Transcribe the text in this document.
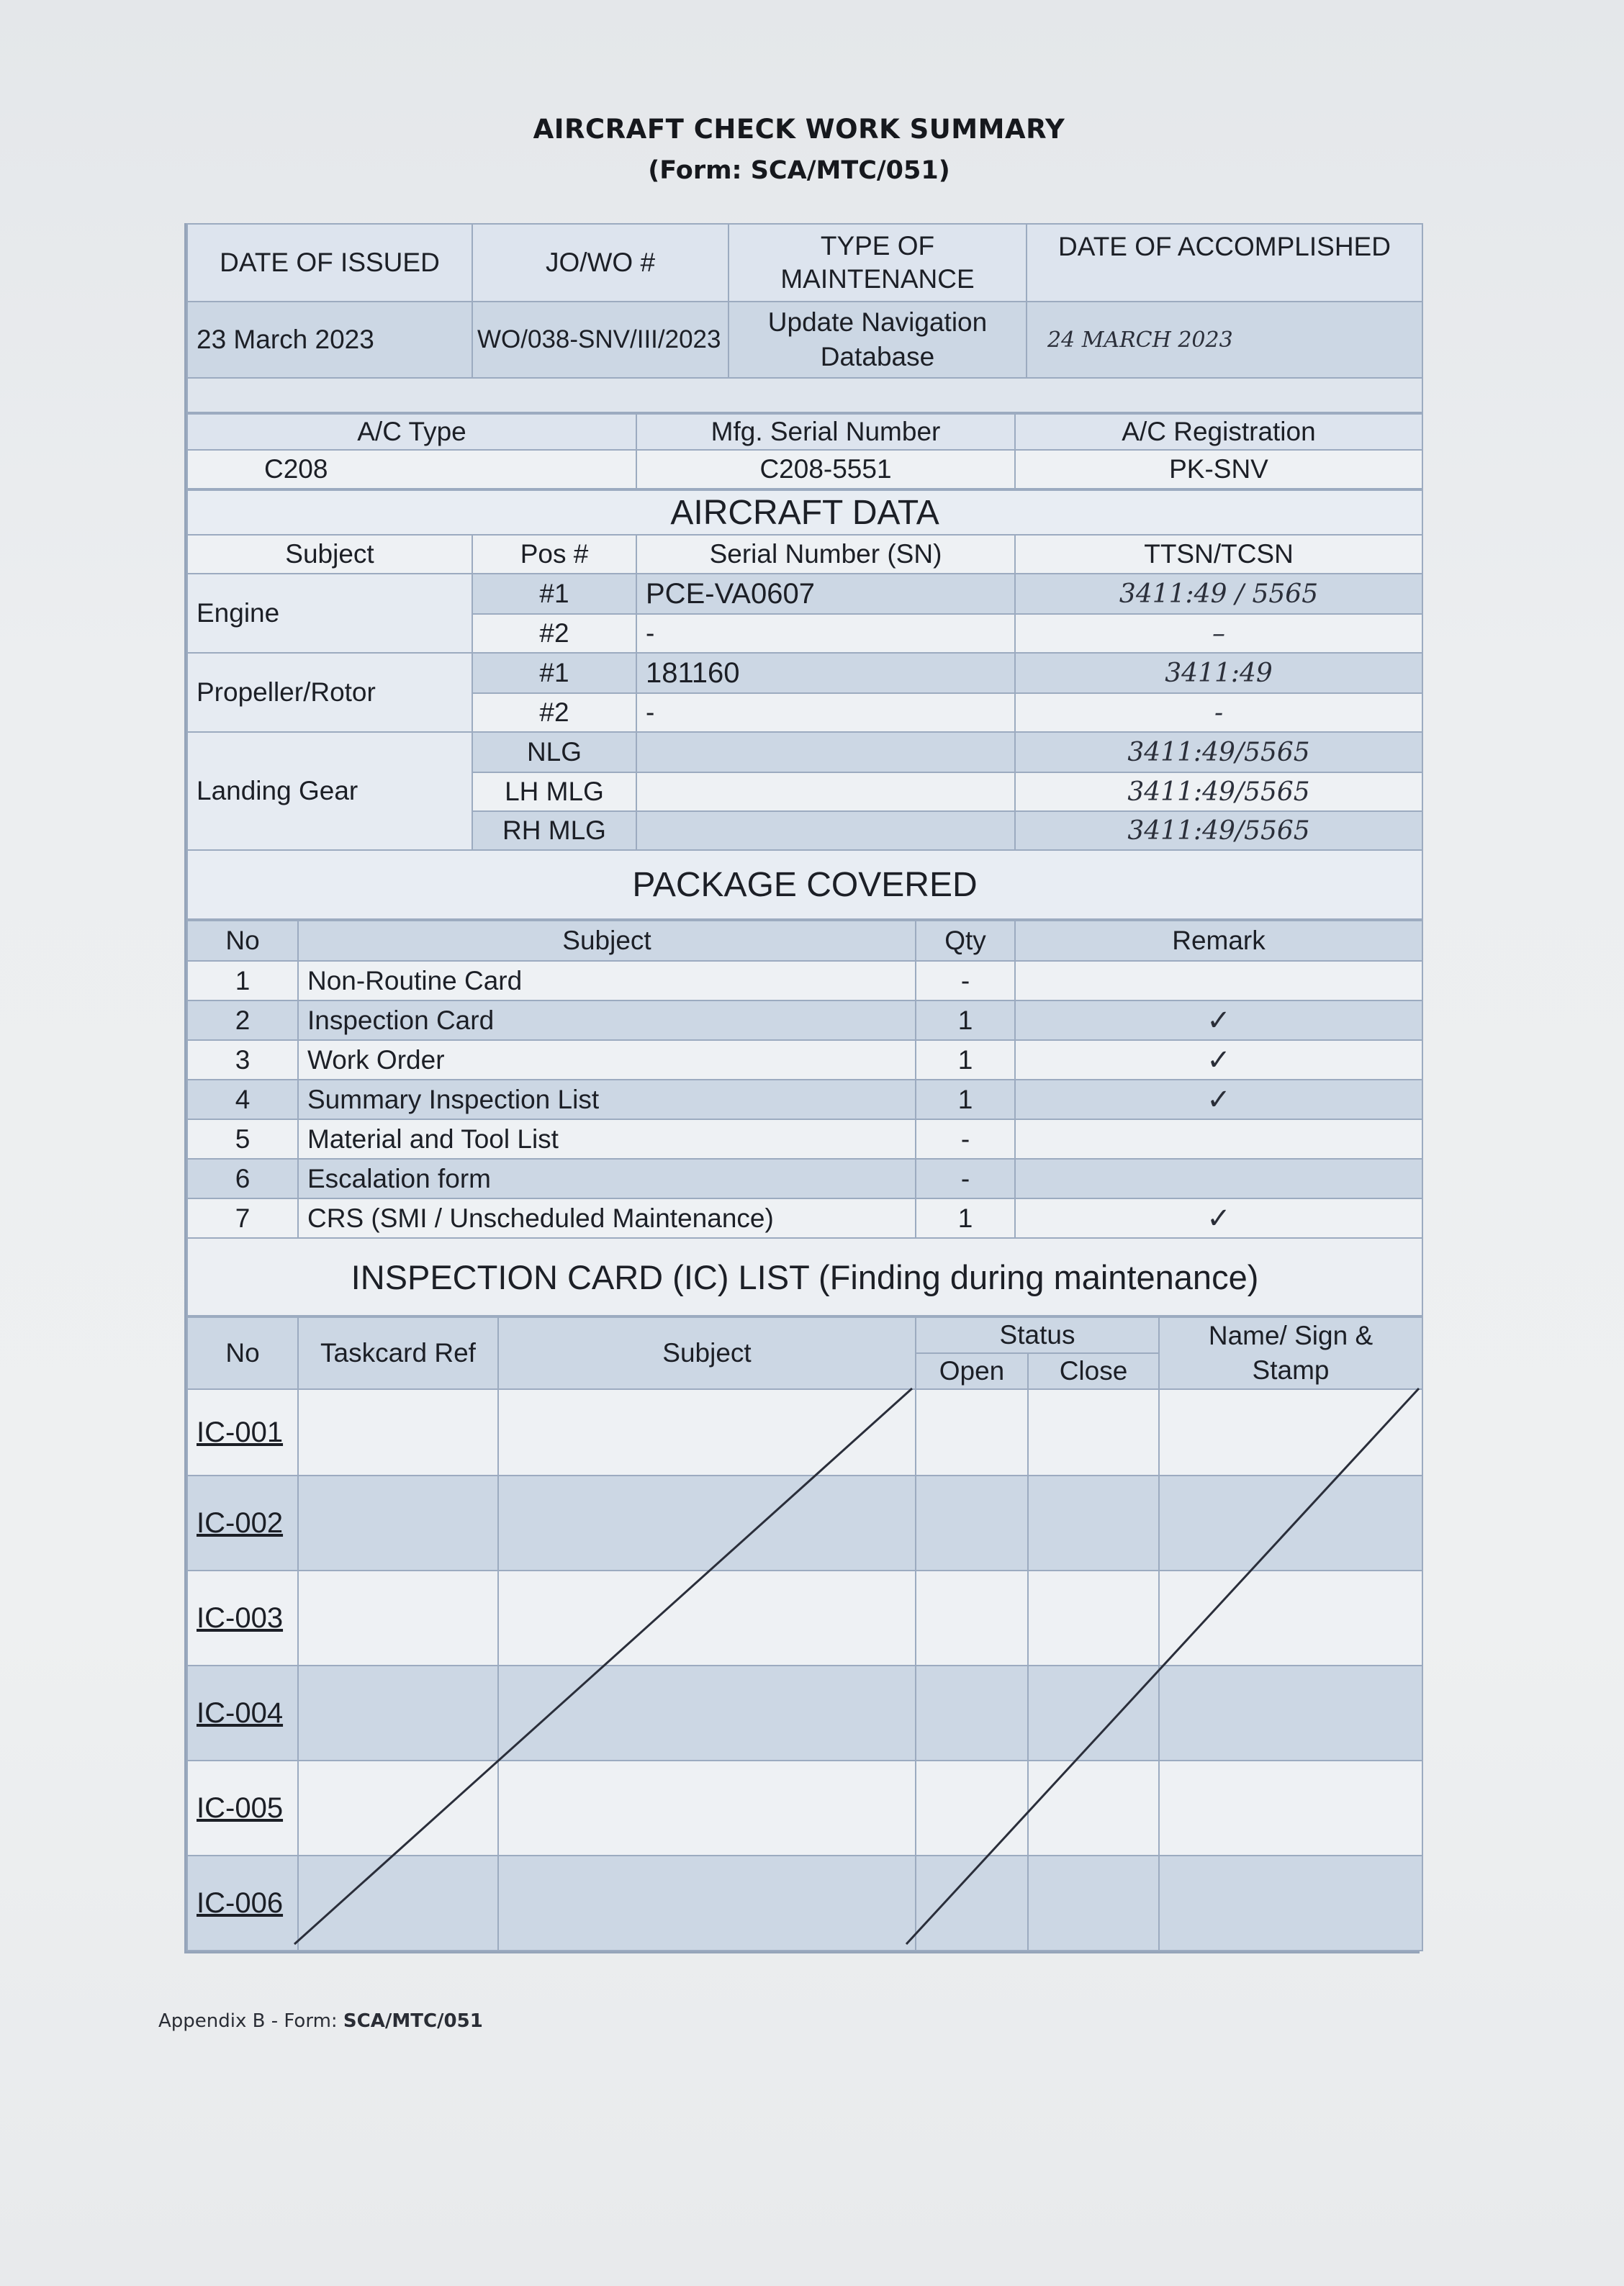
AIRCRAFT CHECK WORK SUMMARY
(Form: SCA/MTC/051)
DATE OF ISSUED	JO/WO #	TYPE OF MAINTENANCE	DATE OF ACCOMPLISHED
23 March 2023	WO/038-SNV/III/2023	Update Navigation Database	24 MARCH 2023

A/C Type	Mfg. Serial Number	A/C Registration
C208	C208-5551	PK-SNV
AIRCRAFT DATA			
Subject	Pos #	Serial Number (SN)	TTSN/TCSN
Engine	#1	PCE-VA0607	3411:49 / 5565
	#2	-	–
Propeller/Rotor	#1	181160	3411:49
	#2	-	-
Landing Gear	NLG		3411:49/5565
	LH MLG		3411:49/5565
	RH MLG		3411:49/5565
PACKAGE COVERED			
No	Subject	Qty	Remark
1	Non-Routine Card	-	
2	Inspection Card	1	✓
3	Work Order	1	✓
4	Summary Inspection List	1	✓
5	Material and Tool List	-	
6	Escalation form	-	
7	CRS (SMI / Unscheduled Maintenance)	1	✓
INSPECTION CARD (IC) LIST (Finding during maintenance)			
No	Taskcard Ref	Subject	Status		Name/ Sign & Stamp
			Open	Close	
IC-001					
IC-002					
IC-003					
IC-004					
IC-005					
IC-006					
Appendix B - Form: SCA/MTC/051
